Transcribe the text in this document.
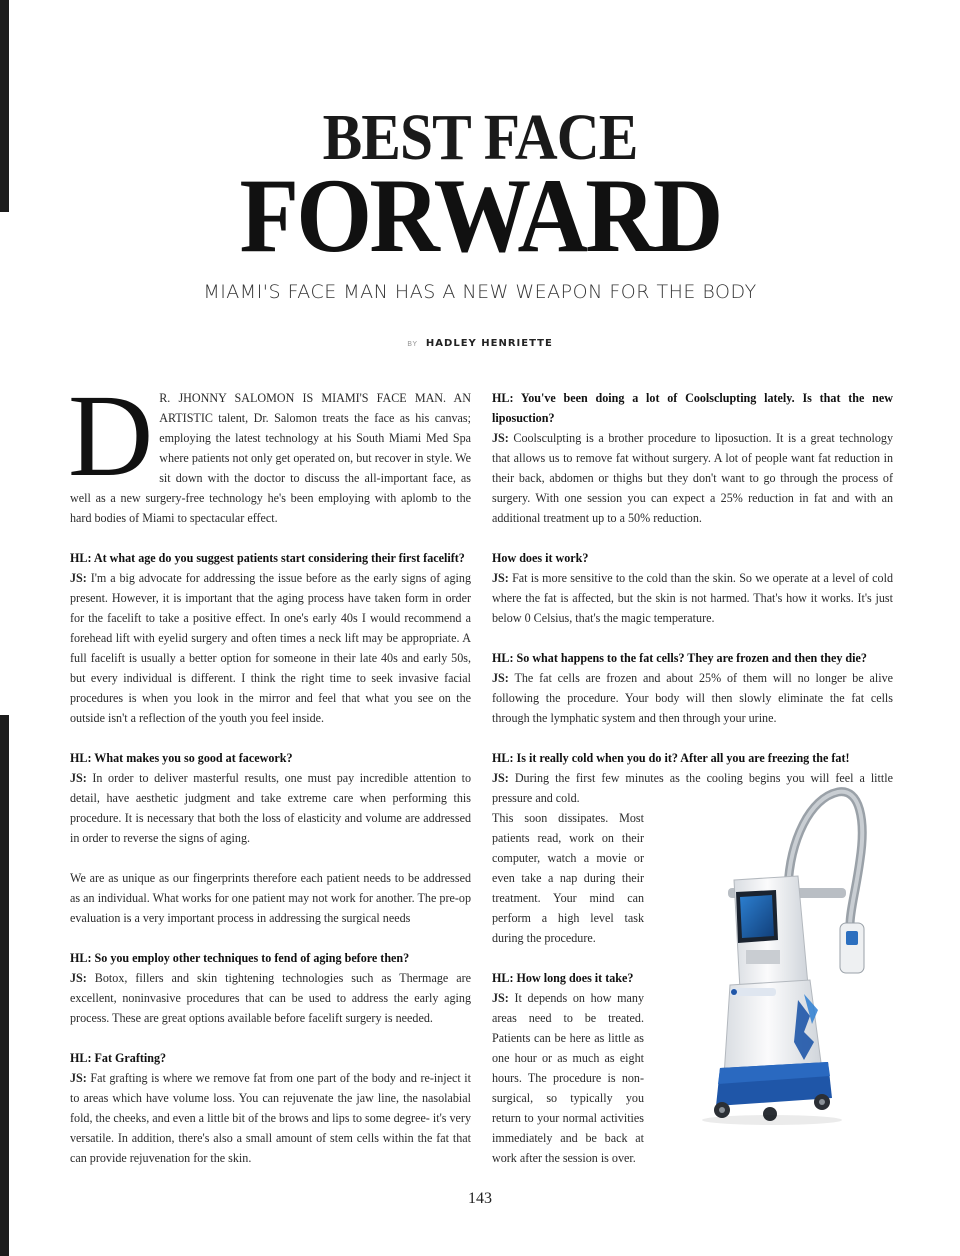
BEST FACE
FORWARD
MIAMI'S FACE MAN HAS A NEW WEAPON FOR THE BODY
BY HADLEY HENRIETTE

D R. JHONNY SALOMON IS MIAMI'S FACE MAN. AN ARTISTIC talent, Dr. Salomon treats the face as his canvas; employing the latest technology at his South Miami Med Spa where patients not only get operated on, but recover in style. We sit down with the doctor to discuss the all-important face, as well as a new surgery-free technology he's been employing with aplomb to the hard bodies of Miami to spectacular effect.

HL: At what age do you suggest patients start considering their first facelift?

JS: I'm a big advocate for addressing the issue before as the early signs of aging present. However, it is important that the aging process have taken form in order for the facelift to take a positive effect. In one's early 40s I would recommend a forehead lift with eyelid surgery and often times a neck lift may be appropriate. A full facelift is usually a better option for someone in their late 40s and early 50s, but every individual is different. I think the right time to seek invasive facial procedures is when you look in the mirror and feel that what you see on the outside isn't a reflection of the youth you feel inside.

HL: What makes you so good at facework?

JS: In order to deliver masterful results, one must pay incredible attention to detail, have aesthetic judgment and take extreme care when performing this procedure. It is necessary that both the loss of elasticity and volume are addressed in order to reverse the signs of aging.

We are as unique as our fingerprints therefore each patient needs to be addressed as an individual. What works for one patient may not work for another. The pre-op evaluation is a very important process in addressing the surgical needs

HL: So you employ other techniques to fend of aging before then?

JS: Botox, fillers and skin tightening technologies such as Thermage are excellent, noninvasive procedures that can be used to address the early aging process. These are great options available before facelift surgery is needed.

HL: Fat Grafting?

JS: Fat grafting is where we remove fat from one part of the body and re-inject it to areas which have volume loss. You can rejuvenate the jaw line, the nasolabial fold, the cheeks, and even a little bit of the brows and lips to some degree- it's very versatile. In addition, there's also a small amount of stem cells within the fat that can provide rejuvenation for the skin.

HL: You've been doing a lot of Coolsclupting lately. Is that the new liposuction?

JS: Coolsculpting is a brother procedure to liposuction. It is a great technology that allows us to remove fat without surgery. A lot of people want fat reduction in their back, abdomen or thighs but they don't want to go through the process of surgery. With one session you can expect a 25% reduction in fat and with an additional treatment up to a 50% reduction.

How does it work?

JS: Fat is more sensitive to the cold than the skin. So we operate at a level of cold where the fat is affected, but the skin is not harmed. That's how it works. It's just below 0 Celsius, that's the magic temperature.

HL: So what happens to the fat cells? They are frozen and then they die?

JS: The fat cells are frozen and about 25% of them will no longer be alive following the procedure. Your body will then slowly eliminate the fat cells through the lymphatic system and then through your urine.

HL: Is it really cold when you do it? After all you are freezing the fat!

JS: During the first few minutes as the cooling begins you will feel a little pressure and cold.

This soon dissipates. Most patients read, work on their computer, watch a movie or even take a nap during their treatment. Your mind can perform a high level task during the procedure.

HL: How long does it take?

JS: It depends on how many areas need to be treated. Patients can be here as little as one hour or as much as eight hours. The procedure is non-surgical, so typically you return to your normal activities immediately and be back at work after the session is over.

143
